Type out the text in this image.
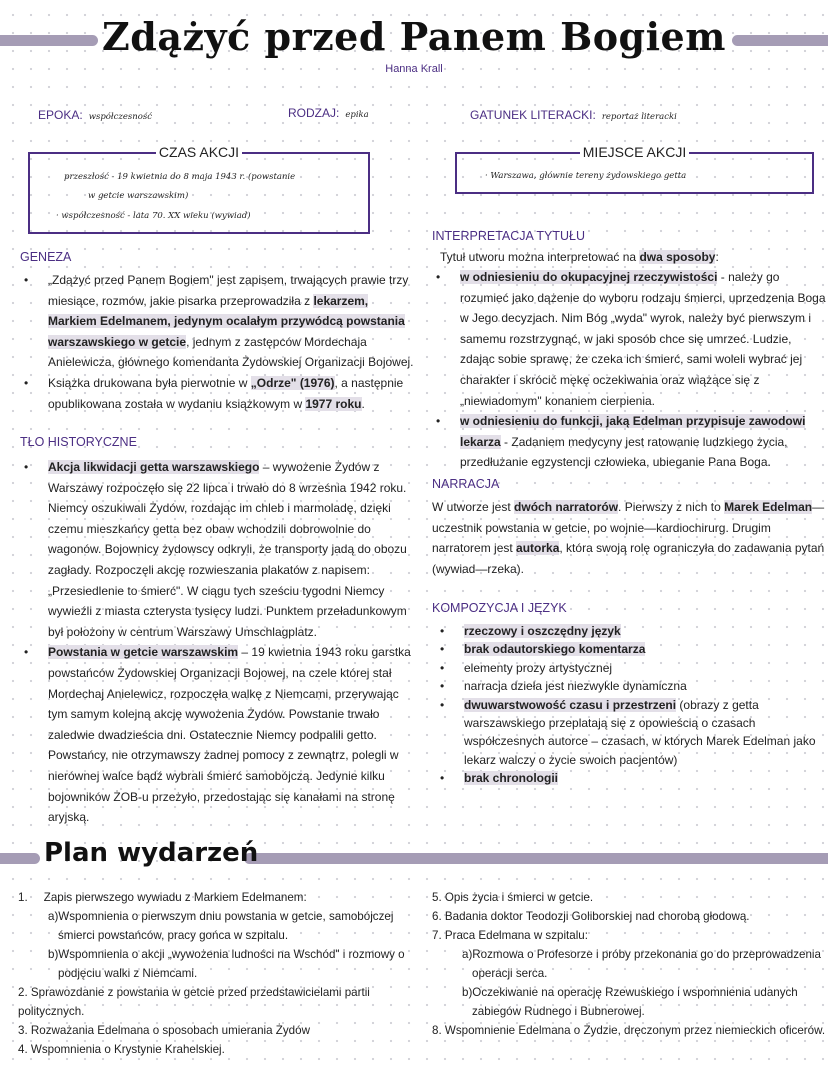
Zdążyć przed Panem Bogiem
Hanna Krall
EPOKA: współczesność	RODZAJ: epika	GATUNEK LITERACKI: reportaż literacki
CZAS AKCJI
przeszłość - 19 kwietnia do 8 maja 1943 r. (powstanie
w getcie warszawskim)
· współczesność - lata 70. XX wieku (wywiad)
MIEJSCE AKCJI
· Warszawa, głównie tereny żydowskiego getta
GENEZA
• „Zdążyć przed Panem Bogiem" jest zapisem, trwających prawie trzy miesiące, rozmów, jakie pisarka przeprowadziła z lekarzem, Markiem Edelmanem, jedynym ocalałym przywódcą powstania warszawskiego w getcie, jednym z zastępców Mordechaja Anielewicza, głównego komendanta Żydowskiej Organizacji Bojowej.
• Książka drukowana była pierwotnie w „Odrze" (1976), a następnie opublikowana została w wydaniu książkowym w 1977 roku.
TŁO HISTORYCZNE
• Akcja likwidacji getta warszawskiego – wywożenie Żydów z Warszawy rozpoczęło się 22 lipca i trwało do 8 września 1942 roku. Niemcy oszukiwali Żydów, rozdając im chleb i marmoladę, dzięki czemu mieszkańcy getta bez obaw wchodzili dobrowolnie do wagonów. Bojownicy żydowscy odkryli, że transporty jadą do obozu zagłady. Rozpoczęli akcję rozwieszania plakatów z napisem: „Przesiedlenie to śmierć". W ciągu tych sześciu tygodni Niemcy wywieźli z miasta czterysta tysięcy ludzi. Punktem przeładunkowym był położony w centrum Warszawy Umschlagplatz.
• Powstania w getcie warszawskim – 19 kwietnia 1943 roku garstka powstańców Żydowskiej Organizacji Bojowej, na czele której stał Mordechaj Anielewicz, rozpoczęła walkę z Niemcami, przerywając tym samym kolejną akcję wywożenia Żydów. Powstanie trwało zaledwie dwadzieścia dni. Ostatecznie Niemcy podpalili getto. Powstańcy, nie otrzymawszy żadnej pomocy z zewnątrz, polegli w nierównej walce bądź wybrali śmierć samobójczą. Jedynie kilku bojowników ŻOB-u przeżyło, przedostając się kanałami na stronę aryjską.
INTERPRETACJA TYTUŁU
Tytuł utworu można interpretować na dwa sposoby:
• w odniesieniu do okupacyjnej rzeczywistości - należy go rozumieć jako dążenie do wyboru rodzaju śmierci, uprzedzenia Boga w Jego decyzjach. Nim Bóg „wyda" wyrok, należy być pierwszym i samemu rozstrzygnąć, w jaki sposób chce się umrzeć. Ludzie, zdając sobie sprawę, że czeka ich śmierć, sami woleli wybrać jej charakter i skrócić mękę oczekiwania oraz wiążące się z „niewiadomym" konaniem cierpienia.
• w odniesieniu do funkcji, jaką Edelman przypisuje zawodowi lekarza - Zadaniem medycyny jest ratowanie ludzkiego życia, przedłużanie egzystencji człowieka, ubieganie Pana Boga.
NARRACJA
W utworze jest dwóch narratorów. Pierwszy z nich to Marek Edelman—uczestnik powstania w getcie, po wojnie—kardiochirurg. Drugim narratorem jest autorka, która swoją rolę ograniczyła do zadawania pytań (wywiad—rzeka).
KOMPOZYCJA I JĘZYK
• rzeczowy i oszczędny język
• brak odautorskiego komentarza
• elementy prozy artystycznej
• narracja dzieła jest niezwykle dynamiczna
• dwuwarstwowość czasu i przestrzeni (obrazy z getta warszawskiego przeplatają się z opowieścią o czasach współczesnych autorce – czasach, w których Marek Edelman jako lekarz walczy o życie swoich pacjentów)
• brak chronologii
Plan wydarzeń
1.     Zapis pierwszego wywiadu z Markiem Edelmanem:
a)Wspomnienia o pierwszym dniu powstania w getcie, samobójczej śmierci powstańców, pracy gońca w szpitalu.
b)Wspomnienia o akcji „wywożenia ludności na Wschód" i rozmowy o podjęciu walki z Niemcami.
2. Sprawozdanie z powstania w getcie przed przedstawicielami partii politycznych.
3. Rozważania Edelmana o sposobach umierania Żydów
4. Wspomnienia o Krystynie Krahelskiej.
5. Opis życia i śmierci w getcie.
6. Badania doktor Teodozji Goliborskiej nad chorobą głodową.
7. Praca Edelmana w szpitalu:
a)Rozmowa o Profesorze i próby przekonania go do przeprowadzenia operacji serca.
b)Oczekiwanie na operację Rzewuskiego i wspomnienia udanych zabiegów Rudnego i Bubnerowej.
8. Wspomnienie Edelmana o Żydzie, dręczonym przez niemieckich oficerów.
